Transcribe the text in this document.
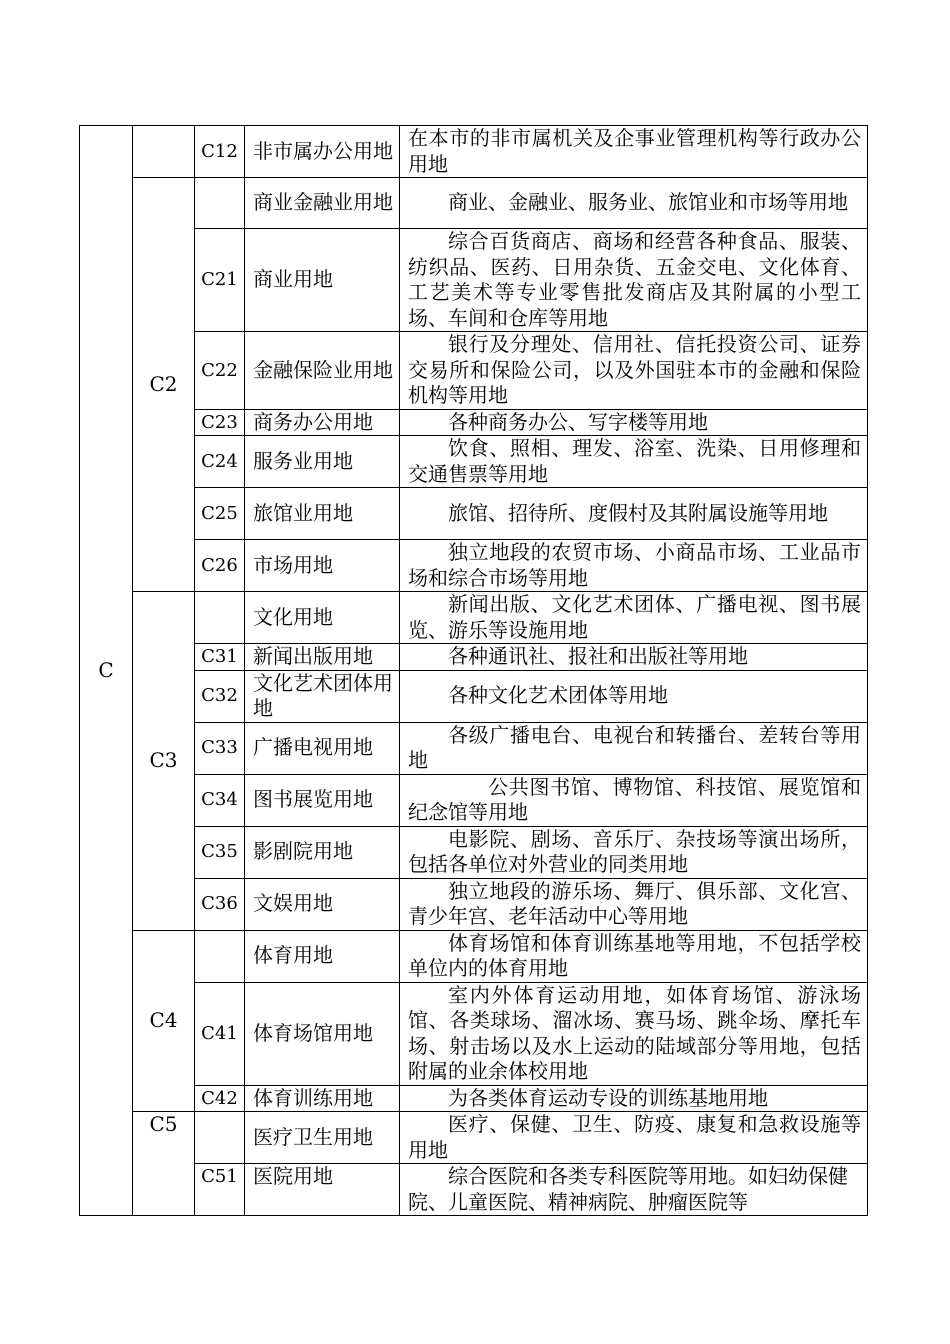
C		C12	非市属办公用地	在本市的非市属机关及企事业管理机构等行政办公用地
	C2		商业金融业用地	商业、金融业、服务业、旅馆业和市场等用地
		C21	商业用地	综合百货商店、商场和经营各种食品、服装、纺织品、医药、日用杂货、五金交电、文化体育、工艺美术等专业零售批发商店及其附属的小型工场、车间和仓库等用地
		C22	金融保险业用地	银行及分理处、信用社、信托投资公司、证券交易所和保险公司，以及外国驻本市的金融和保险机构等用地
		C23	商务办公用地	各种商务办公、写字楼等用地
		C24	服务业用地	饮食、照相、理发、浴室、洗染、日用修理和交通售票等用地
		C25	旅馆业用地	旅馆、招待所、度假村及其附属设施等用地
		C26	市场用地	独立地段的农贸市场、小商品市场、工业品市场和综合市场等用地
	C3		文化用地	新闻出版、文化艺术团体、广播电视、图书展览、游乐等设施用地
		C31	新闻出版用地	各种通讯社、报社和出版社等用地
		C32	文化艺术团体用地	各种文化艺术团体等用地
		C33	广播电视用地	各级广播电台、电视台和转播台、差转台等用地
		C34	图书展览用地	公共图书馆、博物馆、科技馆、展览馆和纪念馆等用地
		C35	影剧院用地	电影院、剧场、音乐厅、杂技场等演出场所，包括各单位对外营业的同类用地
		C36	文娱用地	独立地段的游乐场、舞厅、俱乐部、文化宫、青少年宫、老年活动中心等用地
	C4		体育用地	体育场馆和体育训练基地等用地，不包括学校单位内的体育用地
		C41	体育场馆用地	室内外体育运动用地，如体育场馆、游泳场馆、各类球场、溜冰场、赛马场、跳伞场、摩托车场、射击场以及水上运动的陆域部分等用地，包括附属的业余体校用地
		C42	体育训练用地	为各类体育运动专设的训练基地用地
	C5		医疗卫生用地	医疗、保健、卫生、防疫、康复和急救设施等用地
		C51	医院用地	综合医院和各类专科医院等用地。如妇幼保健院、儿童医院、精神病院、肿瘤医院等
